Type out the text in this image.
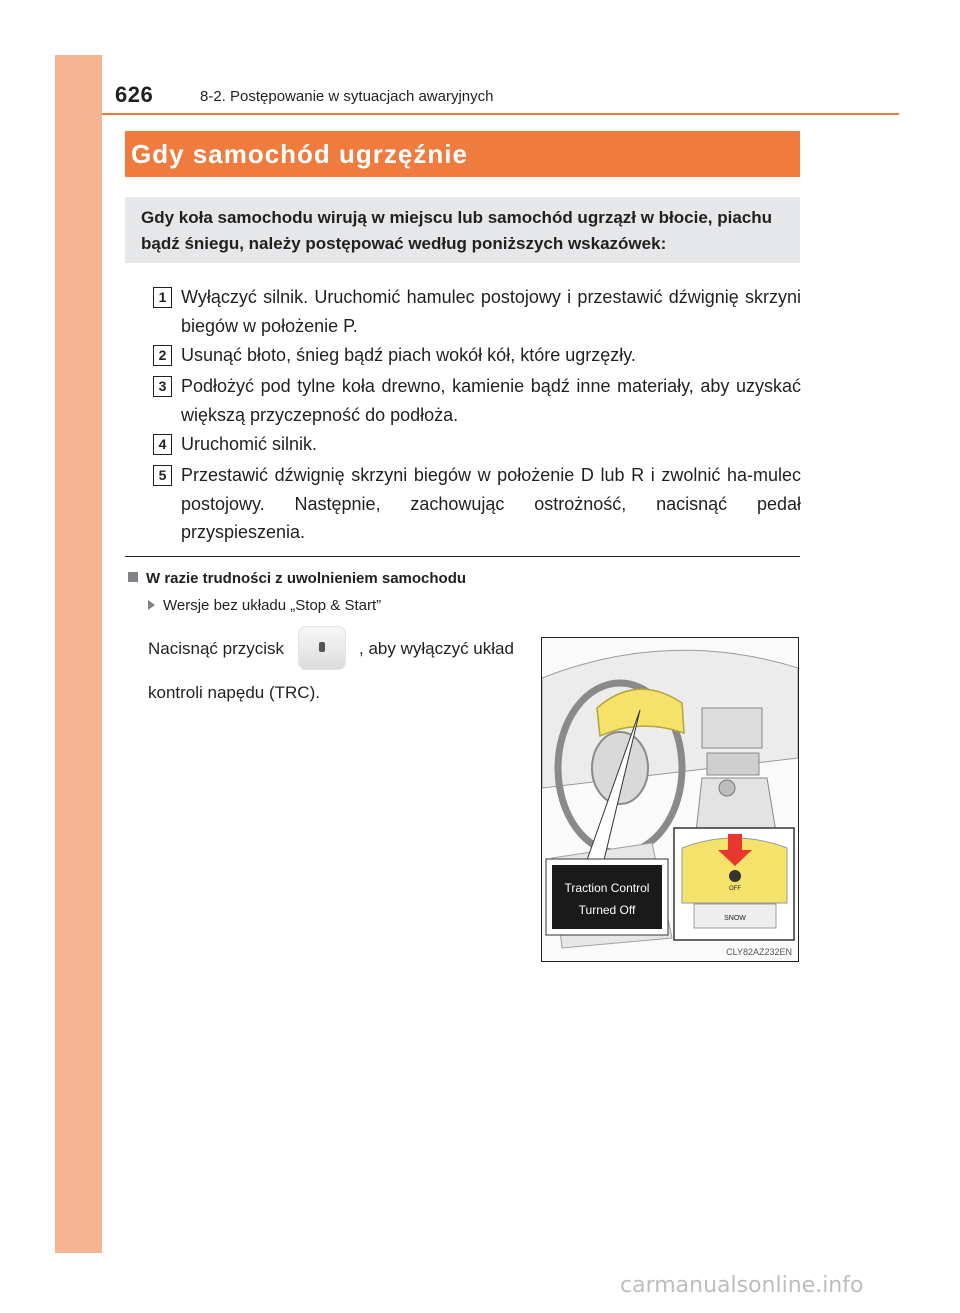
626	8-2. Postępowanie w sytuacjach awaryjnych
Gdy samochód ugrzęźnie
Gdy koła samochodu wirują w miejscu lub samochód ugrzązł w błocie, piachu bądź śniegu, należy postępować według poniższych wskazówek:
1 Wyłączyć silnik. Uruchomić hamulec postojowy i przestawić dźwignię skrzyni biegów w położenie P.
2 Usunąć błoto, śnieg bądź piach wokół kół, które ugrzęzły.
3 Podłożyć pod tylne koła drewno, kamienie bądź inne materiały, aby uzyskać większą przyczepność do podłoża.
4 Uruchomić silnik.
5 Przestawić dźwignię skrzyni biegów w położenie D lub R i zwolnić ha-mulec postojowy. Następnie, zachowując ostrożność, nacisnąć pedał przyspieszenia.
W razie trudności z uwolnieniem samochodu
Wersje bez układu „Stop & Start”
Nacisnąć przycisk	, aby wyłączyć układ
kontroli napędu (TRC).
Traction Control
Turned Off
OFF
SNOW
CLY82AZ232EN
carmanualsonline.info
